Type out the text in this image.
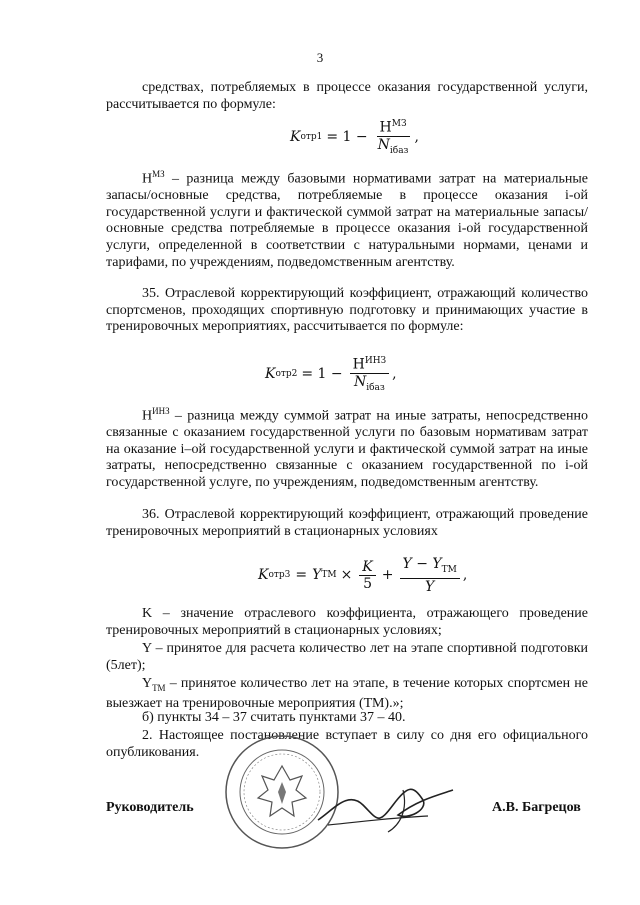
3

средствах, потребляемых в процессе оказания государственной услуги, рассчитывается по формуле:

K $отр1 = 1 - \frac{Н^{МЗ}}{N_{iбаз}}$ ,

$Н^{МЗ}$ – разница между базовыми нормативами затрат на материальные запасы/основные средства, потребляемые в процессе оказания i-ой государственной услуги и фактической суммой затрат на материальные запасы/основные средства потребляемые в процессе оказания i-ой государственной услуги, определенной в соответствии с натуральными нормами, ценами и тарифами, по учреждениям, подведомственным агентству.

35. Отраслевой корректирующий коэффициент, отражающий количество спортсменов, проходящих спортивную подготовку и принимающих участие в тренировочных мероприятиях, рассчитывается по формуле:

K $отр2 = 1 - \frac{Н^{ИНЗ}}{N_{iбаз}}$ ,

$Н^{ИНЗ}$ – разница между суммой затрат на иные затраты, непосредственно связанные с оказанием государственной услуги по базовым нормативам затрат на оказание i–ой государственной услуги и фактической суммой затрат на иные затраты, непосредственно связанные с оказанием государственной по i-ой государственной услуге, по учреждениям, подведомственным агентству.

36. Отраслевой корректирующий коэффициент, отражающий проведение тренировочных мероприятий в стационарных условиях

K отр3 = Y ТМ × $\frac{K}{5} + \frac{Y - Y_{ТМ}}{Y}$ ,

K – значение отраслевого коэффициента, отражающего проведение тренировочных мероприятий в стационарных условиях;

Y – принятое для расчета количество лет на этапе спортивной подготовки (5лет);

$Y_{ТМ}$ – принятое количество лет на этапе, в течение которых спортсмен не выезжает на тренировочные мероприятия (ТМ).»;

б) пункты 34 – 37 считать пунктами 37 – 40.

2. Настоящее постановление вступает в силу со дня его официального опубликования.

Руководитель	А.В. Багрецов
